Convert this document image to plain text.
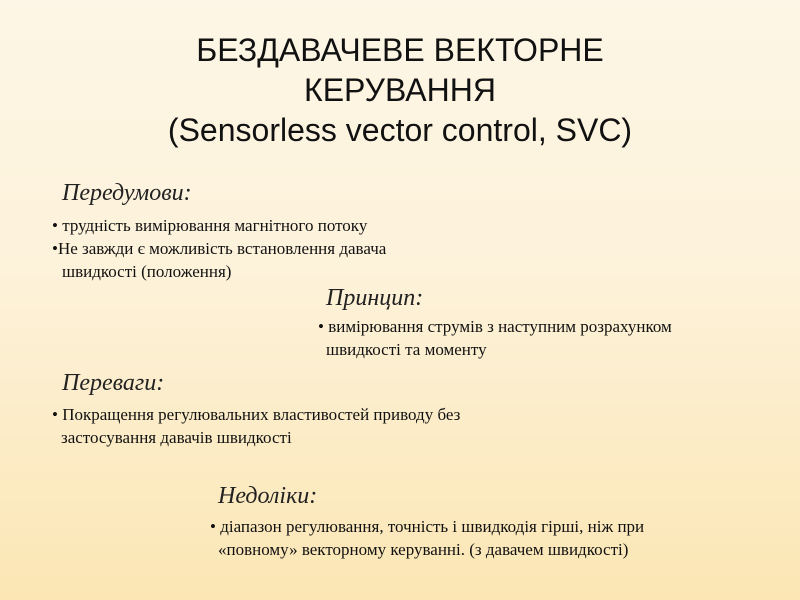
БЕЗДАВАЧЕВЕ ВЕКТОРНЕ
КЕРУВАННЯ
(Sensorless vector control, SVC)
Передумови:
• трудність вимірювання магнітного потоку
•Не завжди є можливість встановлення давача
швидкості (положення)
Принцип:
• вимірювання струмів з наступним розрахунком
швидкості та моменту
Переваги:
• Покращення регулювальних властивостей приводу без
застосування давачів швидкості
Недоліки:
• діапазон регулювання, точність і швидкодія гірші, ніж при
«повному» векторному керуванні. (з давачем швидкості)
